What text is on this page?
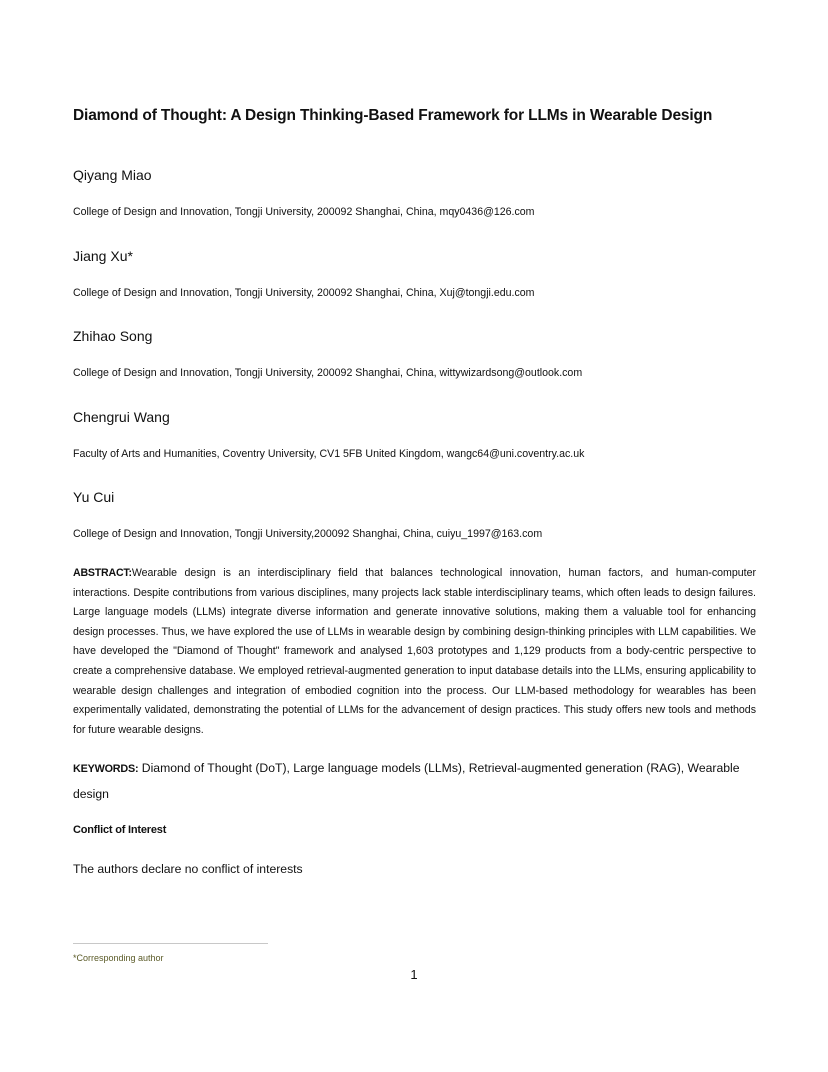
Diamond of Thought: A Design Thinking-Based Framework for LLMs in Wearable Design
Qiyang Miao
College of Design and Innovation, Tongji University, 200092 Shanghai, China, mqy0436@126.com
Jiang Xu*
College of Design and Innovation, Tongji University, 200092 Shanghai, China, Xuj@tongji.edu.com
Zhihao Song
College of Design and Innovation, Tongji University, 200092 Shanghai, China, wittywizardsong@outlook.com
Chengrui Wang
Faculty of Arts and Humanities, Coventry University, CV1 5FB United Kingdom, wangc64@uni.coventry.ac.uk
Yu Cui
College of Design and Innovation, Tongji University,200092 Shanghai, China, cuiyu_1997@163.com

ABSTRACT:Wearable design is an interdisciplinary field that balances technological innovation, human factors, and human-computer interactions. Despite contributions from various disciplines, many projects lack stable interdisciplinary teams, which often leads to design failures. Large language models (LLMs) integrate diverse information and generate innovative solutions, making them a valuable tool for enhancing design processes. Thus, we have explored the use of LLMs in wearable design by combining design-thinking principles with LLM capabilities. We have developed the "Diamond of Thought" framework and analysed 1,603 prototypes and 1,129 products from a body-centric perspective to create a comprehensive database. We employed retrieval-augmented generation to input database details into the LLMs, ensuring applicability to wearable design challenges and integration of embodied cognition into the process. Our LLM-based methodology for wearables has been experimentally validated, demonstrating the potential of LLMs for the advancement of design practices. This study offers new tools and methods for future wearable designs.

KEYWORDS: Diamond of Thought (DoT), Large language models (LLMs), Retrieval-augmented generation (RAG), Wearable design

Conflict of Interest

The authors declare no conflict of interests

*Corresponding author

1
